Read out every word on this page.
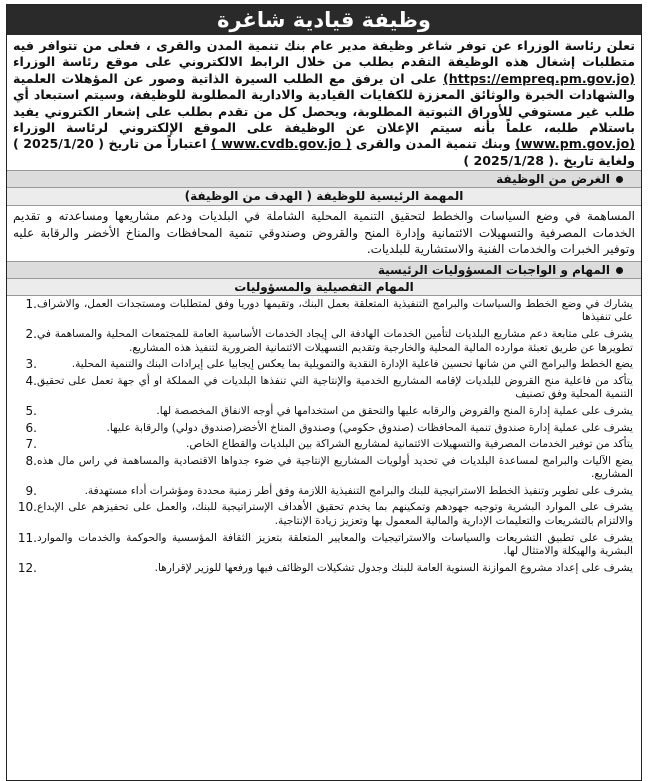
وظيفة قيادية شاغرة
تعلن رئاسة الوزراء عن توفر شاغر وظيفة مدير عام بنك تنمية المدن والقرى ، فعلى من تتوافر فيه متطلبات إشغال هذه الوظيفة التقدم بطلب من خلال الرابط الالكتروني على موقع رئاسة الوزراء (https://empreq.pm.gov.jo) على ان يرفق مع الطلب السيرة الذاتية وصور عن المؤهلات العلمية والشهادات الخبرة والوثائق المعززة للكفايات القيادية والادارية المطلوبة للوظيفة، وسيتم استبعاد أي طلب غير مستوفي للأوراق الثبوتية المطلوبة، ويحصل كل من تقدم بطلب على إشعار الكتروني يفيد باستلام طلبه، علماً بأنه سيتم الإعلان عن الوظيفة على الموقع الإلكتروني لرئاسة الوزراء (www.pm.gov.jo) وبنك تنمية المدن والقرى ( www.cvdb.gov.jo ) اعتباراً من تاريخ ( 2025/1/20 ) ولغاية تاريخ ( 2025/1/28 ).
الغرض من الوظيفة
المهمة الرئيسية للوظيفة ( الهدف من الوظيفة)
المساهمة في وضع السياسات والخطط لتحقيق التنمية المحلية الشاملة في البلديات ودعم مشاريعها ومساعدته و تقديم الخدمات المصرفية والتسهيلات الائتمانية وإدارة المنح والقروض وصندوقي تنمية المحافظات والمناخ الأخضر والرقابة عليه وتوفير الخبرات والخدمات الفنية والاستشارية للبلديات.
المهام و الواجبات المسؤوليات الرئيسية
المهام التفصيلية والمسؤوليات
1. يشارك في وضع الخطط والسياسات والبرامج التنفيذية المتعلقة بعمل البنك، وتقيمها دوريا وفق لمتطلبات ومستجدات العمل، والاشراف على تنفيذها
2. يشرف على متابعة دعم مشاريع البلديات لتأمين الخدمات الهادفة الى إيجاد الخدمات الأساسية العامة للمجتمعات المحلية والمساهمة في تطويرها عن طريق تعبئة موارده المالية المحلية والخارجية وتقديم التسهيلات الائتمانية الضرورية لتنفيذ هذه المشاريع.
3.	يضع الخطط والبرامج التي من شانها تحسين فاعلية الإدارة النقدية والتمويلية بما يعكس إيجابيا على إيرادات البنك والتنمية المحلية.
4. يتأكد من فاعلية منح القروض للبلديات لإقامه المشاريع الخدمية والإنتاجية التي تنفذها البلديات في المملكة او أي جهة تعمل على تحقيق التنمية المحلية وفق تصنيف
5.	يشرف على عملية إدارة المنح والقروض والرقابه عليها والتحقق من استخدامها في أوجه الانفاق المخصصة لها.
6.	يشرف على عملية إدارة صندوق تنمية المحافظات (صندوق حكومي) وصندوق المناخ الأخضر(صندوق دولي) والرقابة عليها.
7.	يتأكد من توفير الخدمات المصرفية والتسهيلات الائتمانية لمشاريع الشراكة بين البلديات والقطاع الخاص.
8. يضع الآليات والبرامج لمساعدة البلديات في تحديد أولويات المشاريع الإنتاجية في ضوء جدواها الاقتصادية والمساهمة في راس مال هذه المشاريع.
9.	يشرف على تطوير وتنفيذ الخطط الاستراتيجية للبنك والبرامج التنفيذية اللازمة وفق أطر زمنية محددة ومؤشرات أداء مستهدفة.
10. يشرف على الموارد البشرية وتوجيه جهودهم وتمكينهم بما يخدم تحقيق الأهداف الإستراتيجية للبنك، والعمل على تحفيزهم على الإبداع والالتزام بالتشريعات والتعليمات الإدارية والمالية المعمول بها وتعزيز زيادة الإنتاجية.
11. يشرف على تطبيق التشريعات والسياسات والاستراتيجيات والمعايير المتعلقة بتعزيز الثقافة المؤسسية والحوكمة والخدمات والموارد البشرية والهيكلة والامتثال لها.
12.	يشرف على إعداد مشروع الموازنة السنوية العامة للبنك وجدول تشكيلات الوظائف فيها ورفعها للوزير لإقرارها.
